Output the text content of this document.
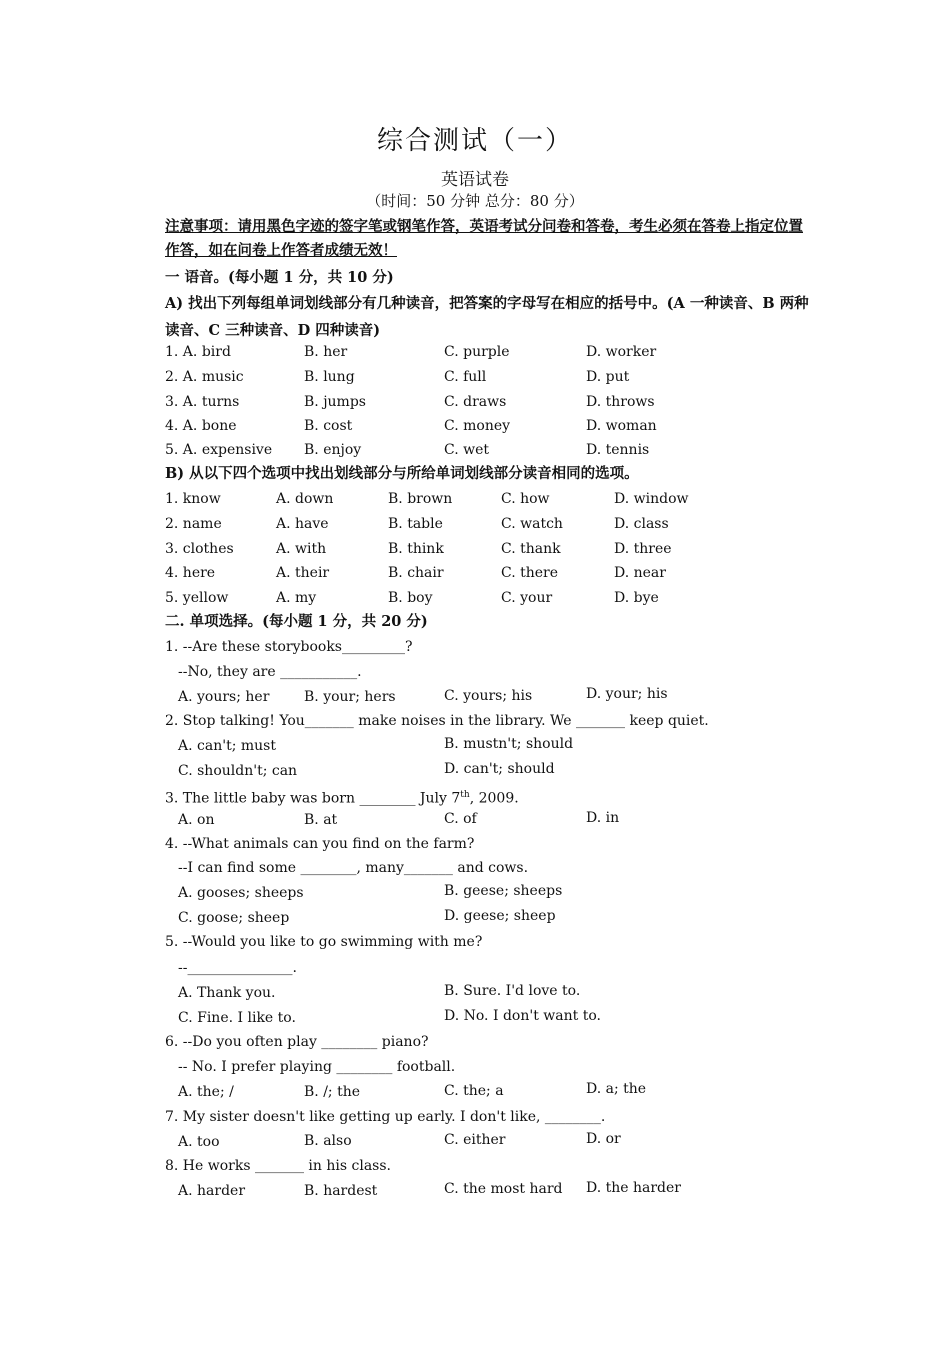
综合测试（一）
英语试卷
（时间：50 分钟 总分：80 分）
注意事项：请用黑色字迹的签字笔或钢笔作答，英语考试分问卷和答卷，考生必须在答卷上指定位置作答，如在问卷上作答者成绩无效！
一 语音。(每小题 1 分，共 10 分)
A) 找出下列每组单词划线部分有几种读音，把答案的字母写在相应的括号中。(A 一种读音、B 两种读音、C 三种读音、D 四种读音)
1. A. bird	B. her	C. purple	D. worker
2. A. music	B. lung	C. full	D. put
3. A. turns	B. jumps	C. draws	D. throws
4. A. bone	B. cost	C. money	D. woman
5. A. expensive B. enjoy	C. wet	D. tennis
B) 从以下四个选项中找出划线部分与所给单词划线部分读音相同的选项。
1. know	A. down	B. brown	C. how	D. window
2. name	A. have	B. table	C. watch	D. class
3. clothes	A. with	B. think	C. thank	D. three
4. here	A. their	B. chair	C. there	D. near
5. yellow	A. my	B. boy	C. your	D. bye
二. 单项选择。(每小题 1 分，共 20 分)
1. --Are these storybooks_________?
--No, they are ___________.
A. yours; her B. your; hers	C. yours; his	D. your; his
2. Stop talking! You_______ make noises in the library. We _______ keep quiet.
A. can't; must	B. mustn't; should
C. shouldn't; can	D. can't; should
3. The little baby was born ________ July 7th, 2009.
A. on	B. at	C. of	D. in
4. --What animals can you find on the farm?
--I can find some ________, many_______ and cows.
A. gooses; sheeps	B. geese; sheeps
C. goose; sheep	D. geese; sheep
5. --Would you like to go swimming with me?
--_______________.
A. Thank you.	B. Sure. I'd love to.
C. Fine. I like to.	D. No. I don't want to.
6. --Do you often play ________ piano?
-- No. I prefer playing ________ football.
A. the; /	B. /; the	C. the; a	D. a; the
7. My sister doesn't like getting up early. I don't like, ________.
A. too	B. also	C. either	D. or
8. He works _______ in his class.
A. harder	B. hardest	C. the most hard D. the harder
